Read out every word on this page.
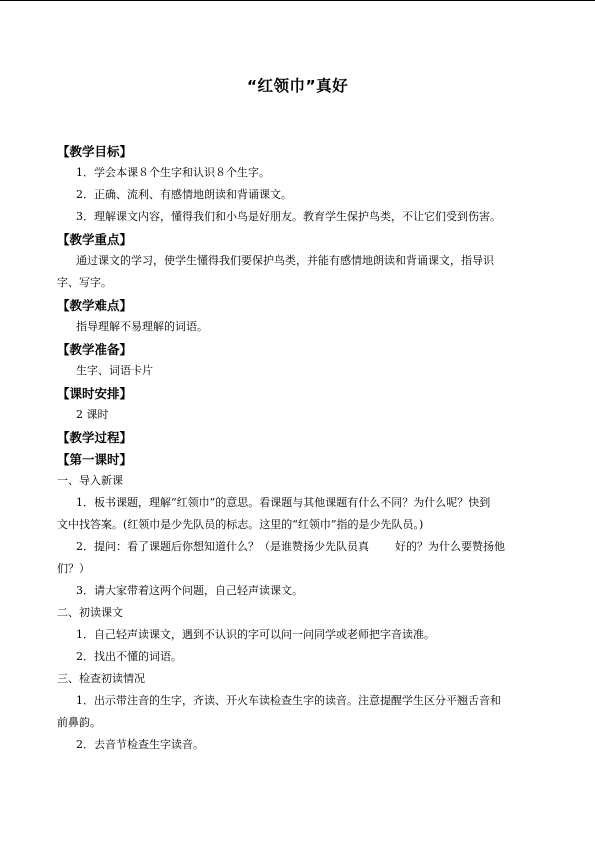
“红领巾”真好
【教学目标】
1．学会本课８个生字和认识８个生字。
2．正确、流利、有感情地朗读和背诵课文。
3．理解课文内容，懂得我们和小鸟是好朋友。教育学生保护鸟类，不让它们受到伤害。
【教学重点】
通过课文的学习，使学生懂得我们要保护鸟类，并能有感情地朗读和背诵课文，指导识
字、写字。
【教学难点】
指导理解不易理解的词语。
【教学准备】
生字、词语卡片
【课时安排】
2 课时
【教学过程】
【第一课时】
一、导入新课
1．板书课题，理解“红领巾”的意思。看课题与其他课题有什么不同？为什么呢？快到
文中找答案。(红领巾是少先队员的标志。这里的“红领巾”指的是少先队员。)
2．提问：看了课题后你想知道什么？（是谁赞扬少先队员真 好的？为什么要赞扬他
们？）
3．请大家带着这两个问题，自己轻声读课文。
二、初读课文
1．自己轻声读课文，遇到不认识的字可以问一问同学或老师把字音读准。
2．找出不懂的词语。
三、检查初读情况
1．出示带注音的生字，齐读、开火车读检查生字的读音。注意提醒学生区分平翘舌音和
前鼻韵。
2．去音节检查生字读音。
